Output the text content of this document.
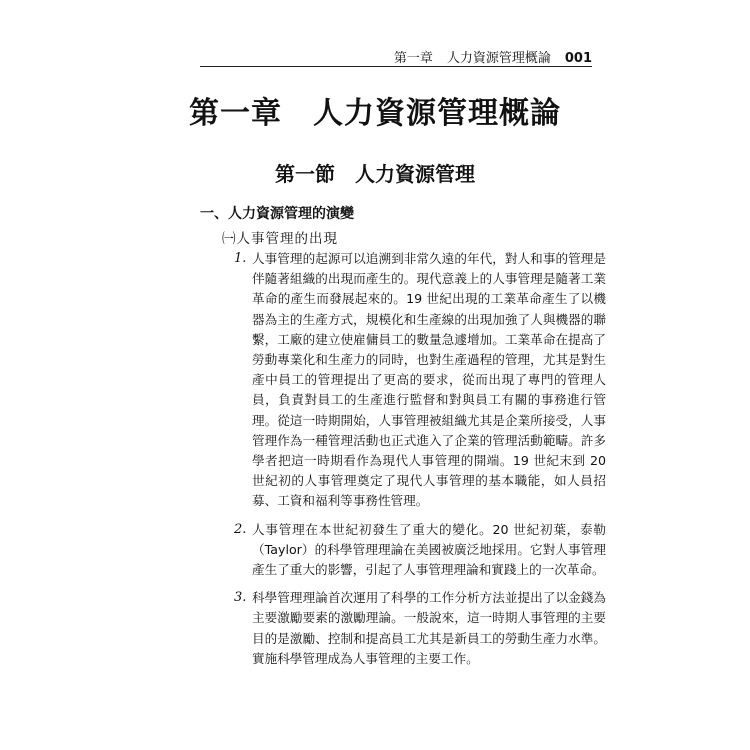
第一章 人力資源管理概論 001
第一章　人力資源管理概論
第一節　人力資源管理
一、人力資源管理的演變
㈠人事管理的出現
1. 人事管理的起源可以追溯到非常久遠的年代，對人和事的管理是伴隨著組織的出現而產生的。現代意義上的人事管理是隨著工業革命的產生而發展起來的。19 世紀出現的工業革命產生了以機器為主的生產方式，規模化和生產線的出現加強了人與機器的聯繫，工廠的建立使雇傭員工的數量急遽增加。工業革命在提高了勞動專業化和生產力的同時，也對生產過程的管理，尤其是對生產中員工的管理提出了更高的要求，從而出現了專門的管理人員，負責對員工的生產進行監督和對與員工有關的事務進行管理。從這一時期開始，人事管理被組織尤其是企業所接受，人事管理作為一種管理活動也正式進入了企業的管理活動範疇。許多學者把這一時期看作為現代人事管理的開端。19 世紀末到 20 世紀初的人事管理奠定了現代人事管理的基本職能，如人員招募、工資和福利等事務性管理。

2. 人事管理在本世紀初發生了重大的變化。20 世紀初葉，泰勒（Taylor）的科學管理理論在美國被廣泛地採用。它對人事管理產生了重大的影響，引起了人事管理理論和實踐上的一次革命。

3. 科學管理理論首次運用了科學的工作分析方法並提出了以金錢為主要激勵要素的激勵理論。一般說來，這一時期人事管理的主要目的是激勵、控制和提高員工尤其是新員工的勞動生產力水準。實施科學管理成為人事管理的主要工作。
